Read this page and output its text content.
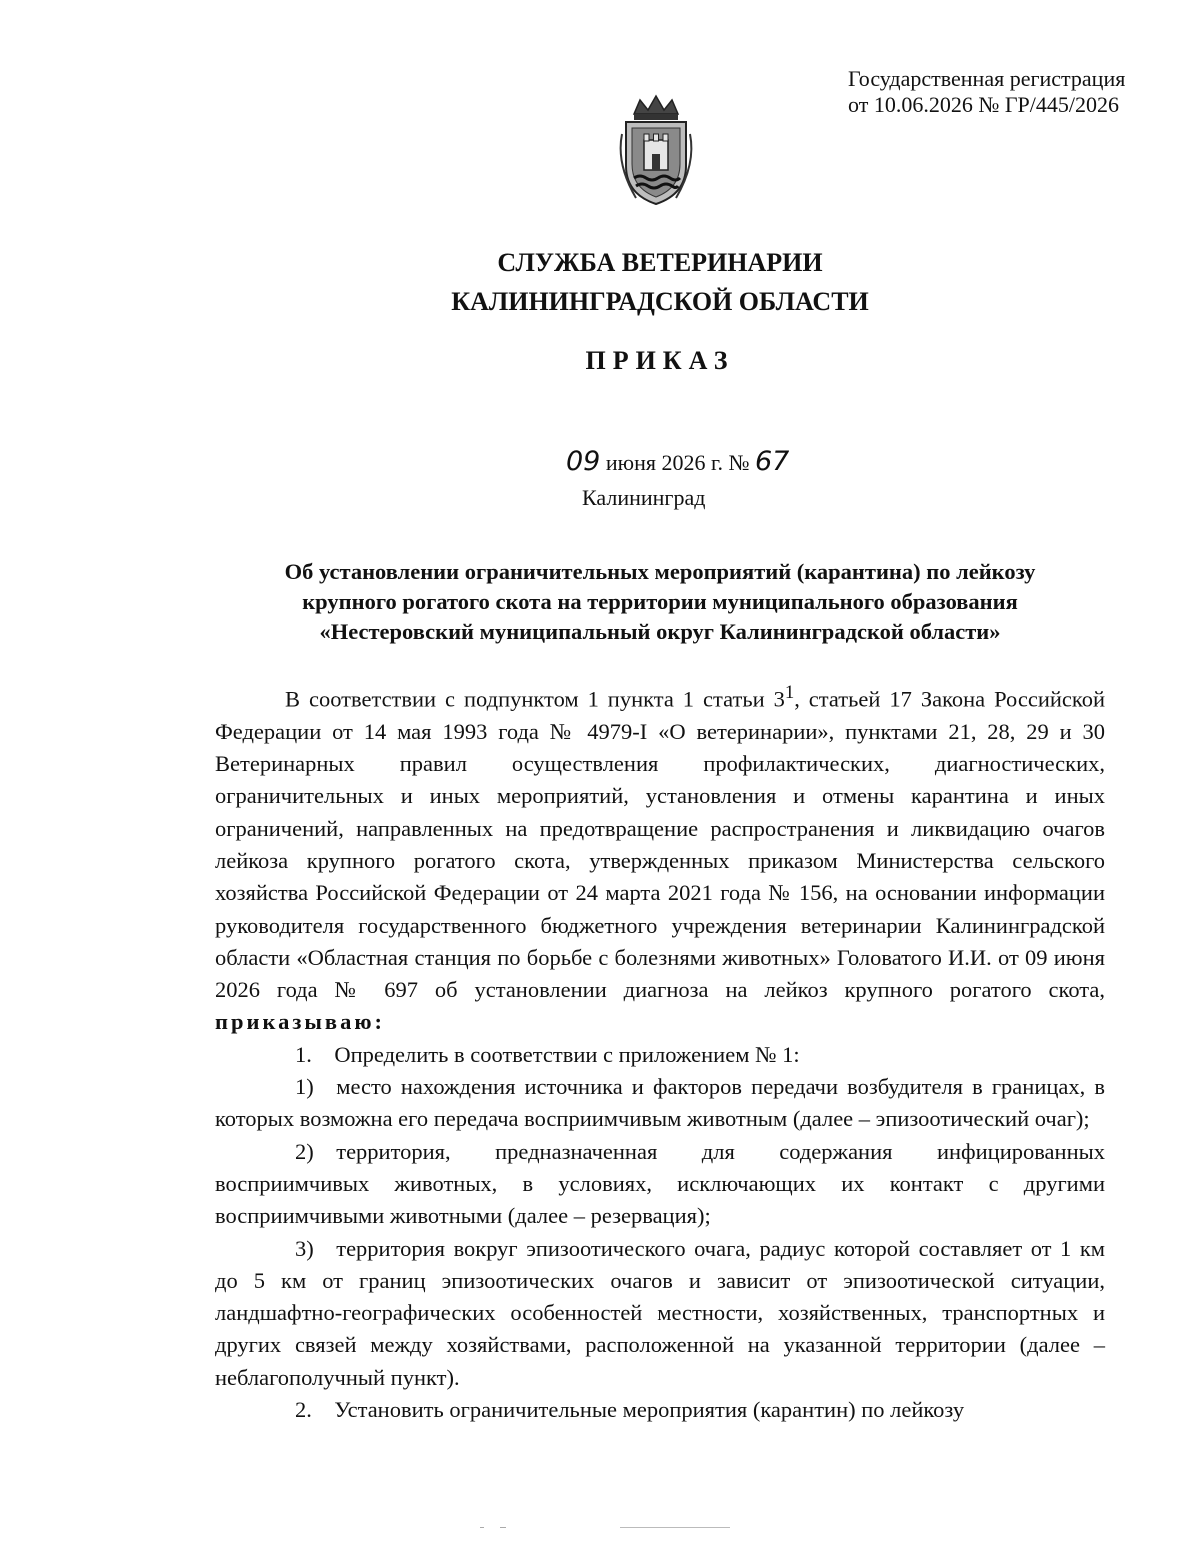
Государственная регистрация
от 10.06.2026 № ГР/445/2026
СЛУЖБА ВЕТЕРИНАРИИ
КАЛИНИНГРАДСКОЙ ОБЛАСТИ
ПРИКАЗ
09 июня 2026 г. № 67
Калининград
Об установлении ограничительных мероприятий (карантина) по лейкозу
крупного рогатого скота на территории муниципального образования
«Нестеровский муниципальный округ Калининградской области»

В соответствии с подпунктом 1 пункта 1 статьи $3^1$, статьей 17 Закона Российской Федерации от 14 мая 1993 года № 4979-I «О ветеринарии», пунктами 21, 28, 29 и 30 Ветеринарных правил осуществления профилактических, диагностических, ограничительных и иных мероприятий, установления и отмены карантина и иных ограничений, направленных на предотвращение распространения и ликвидацию очагов лейкоза крупного рогатого скота, утвержденных приказом Министерства сельского хозяйства Российской Федерации от 24 марта 2021 года № 156, на основании информации руководителя государственного бюджетного учреждения ветеринарии Калининградской области «Областная станция по борьбе с болезнями животных» Головатого И.И. от 09 июня 2026 года № 697 об установлении диагноза на лейкоз крупного рогатого скота, приказываю:

1. Определить в соответствии с приложением № 1:

1) место нахождения источника и факторов передачи возбудителя в границах, в которых возможна его передача восприимчивым животным (далее – эпизоотический очаг);

2) территория, предназначенная для содержания инфицированных восприимчивых животных, в условиях, исключающих их контакт с другими восприимчивыми животными (далее – резервация);

3) территория вокруг эпизоотического очага, радиус которой составляет от 1 км до 5 км от границ эпизоотических очагов и зависит от эпизоотической ситуации, ландшафтно-географических особенностей местности, хозяйственных, транспортных и других связей между хозяйствами, расположенной на указанной территории (далее – неблагополучный пункт).

2. Установить ограничительные мероприятия (карантин) по лейкозу
